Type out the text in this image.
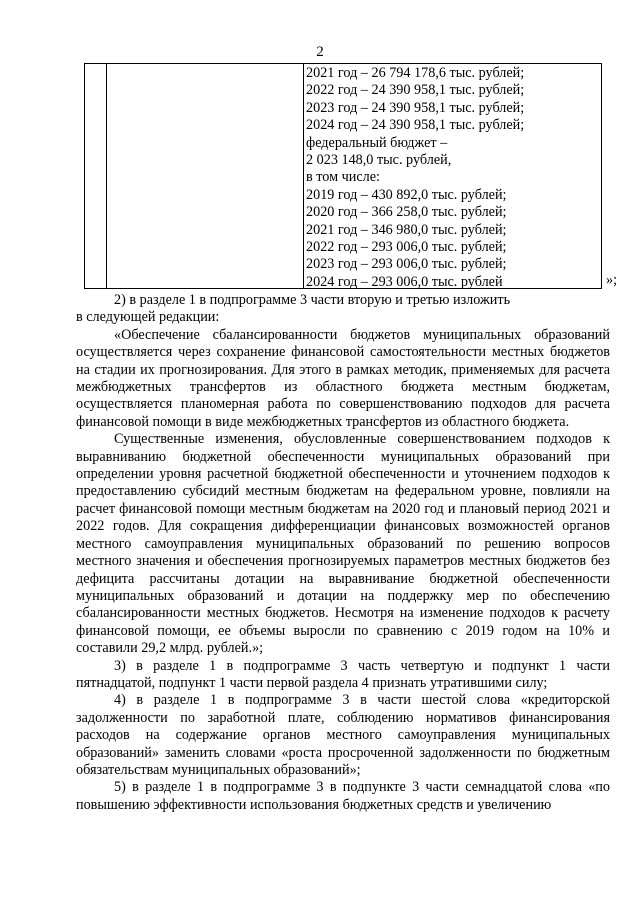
2
2021 год – 26 794 178,6 тыс. рублей;
2022 год – 24 390 958,1 тыс. рублей;
2023 год – 24 390 958,1 тыс. рублей;
2024 год – 24 390 958,1 тыс. рублей;
федеральный бюджет –
2 023 148,0 тыс. рублей,
в том числе:
2019 год – 430 892,0 тыс. рублей;
2020 год – 366 258,0 тыс. рублей;
2021 год – 346 980,0 тыс. рублей;
2022 год – 293 006,0 тыс. рублей;
2023 год – 293 006,0 тыс. рублей;
2024 год – 293 006,0 тыс. рублей	»;

2) в разделе 1 в подпрограмме 3 части вторую и третью изложить

в следующей редакции:

«Обеспечение сбалансированности бюджетов муниципальных образований осуществляется через сохранение финансовой самостоятельности местных бюджетов на стадии их прогнозирования. Для этого в рамках методик, применяемых для расчета межбюджетных трансфертов из областного бюджета местным бюджетам, осуществляется планомерная работа по совершенствованию подходов для расчета финансовой помощи в виде межбюджетных трансфертов из областного бюджета.

Существенные изменения, обусловленные совершенствованием подходов к выравниванию бюджетной обеспеченности муниципальных образований при определении уровня расчетной бюджетной обеспеченности и уточнением подходов к предоставлению субсидий местным бюджетам на федеральном уровне, повлияли на расчет финансовой помощи местным бюджетам на 2020 год и плановый период 2021 и 2022 годов. Для сокращения дифференциации финансовых возможностей органов местного самоуправления муниципальных образований по решению вопросов местного значения и обеспечения прогнозируемых параметров местных бюджетов без дефицита рассчитаны дотации на выравнивание бюджетной обеспеченности муниципальных образований и дотации на поддержку мер по обеспечению сбалансированности местных бюджетов. Несмотря на изменение подходов к расчету финансовой помощи, ее объемы выросли по сравнению с 2019 годом на 10% и составили 29,2 млрд. рублей.»;

3) в разделе 1 в подпрограмме 3 часть четвертую и подпункт 1 части пятнадцатой, подпункт 1 части первой раздела 4 признать утратившими силу;

4) в разделе 1 в подпрограмме 3 в части шестой слова «кредиторской задолженности по заработной плате, соблюдению нормативов финансирования расходов на содержание органов местного самоуправления муниципальных образований» заменить словами «роста просроченной задолженности по бюджетным обязательствам муниципальных образований»;

5) в разделе 1 в подпрограмме 3 в подпункте 3 части семнадцатой слова «по повышению эффективности использования бюджетных средств и увеличению
